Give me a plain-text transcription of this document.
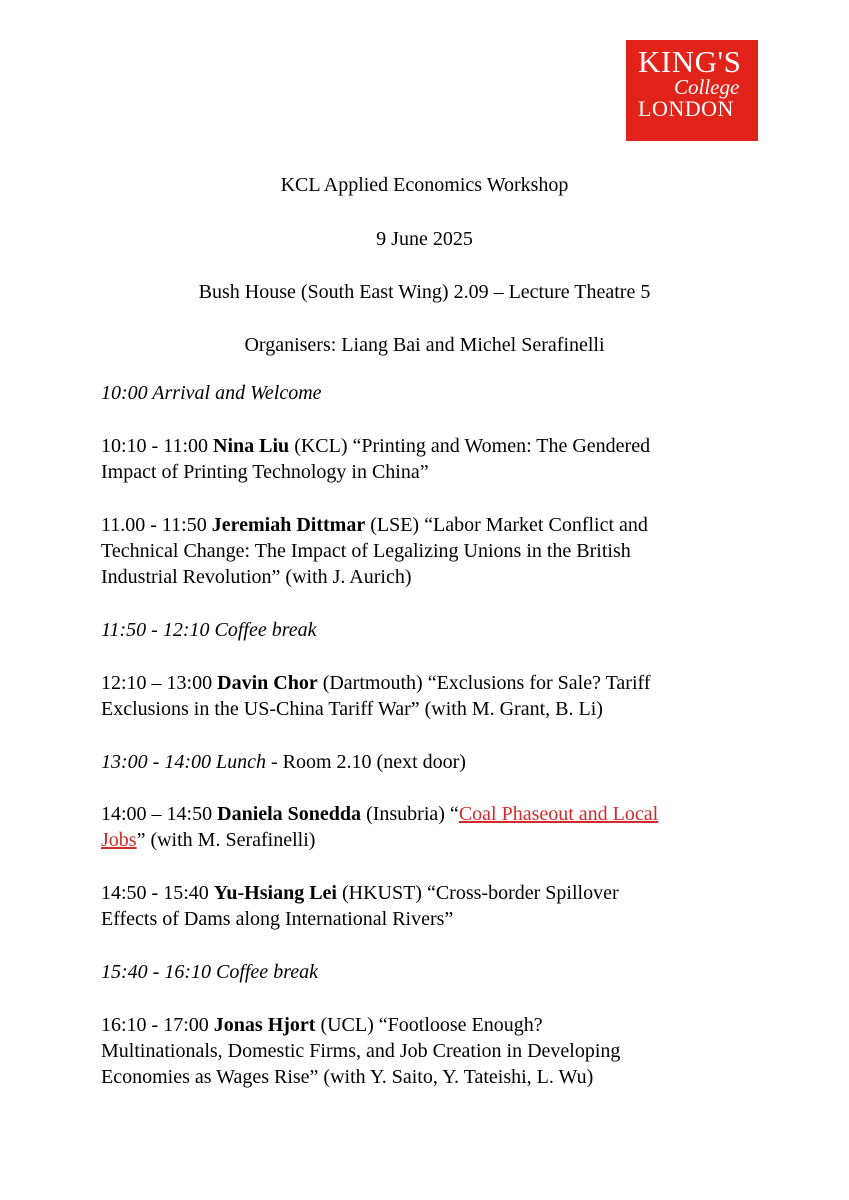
KING'S
College
LONDON
KCL Applied Economics Workshop
9 June 2025
Bush House (South East Wing) 2.09 – Lecture Theatre 5
Organisers: Liang Bai and Michel Serafinelli
10:00 Arrival and Welcome
10:10 - 11:00 Nina Liu (KCL) “Printing and Women: The Gendered
Impact of Printing Technology in China”
11.00 - 11:50 Jeremiah Dittmar (LSE) “Labor Market Conflict and
Technical Change: The Impact of Legalizing Unions in the British
Industrial Revolution” (with J. Aurich)
11:50 - 12:10 Coffee break
12:10 – 13:00 Davin Chor (Dartmouth) “Exclusions for Sale? Tariff
Exclusions in the US-China Tariff War” (with M. Grant, B. Li)
13:00 - 14:00 Lunch - Room 2.10 (next door)
14:00 – 14:50 Daniela Sonedda (Insubria) “Coal Phaseout and Local
Jobs” (with M. Serafinelli)
14:50 - 15:40 Yu-Hsiang Lei (HKUST) “Cross-border Spillover
Effects of Dams along International Rivers”
15:40 - 16:10 Coffee break
16:10 - 17:00 Jonas Hjort (UCL) “Footloose Enough?
Multinationals, Domestic Firms, and Job Creation in Developing
Economies as Wages Rise” (with Y. Saito, Y. Tateishi, L. Wu)
